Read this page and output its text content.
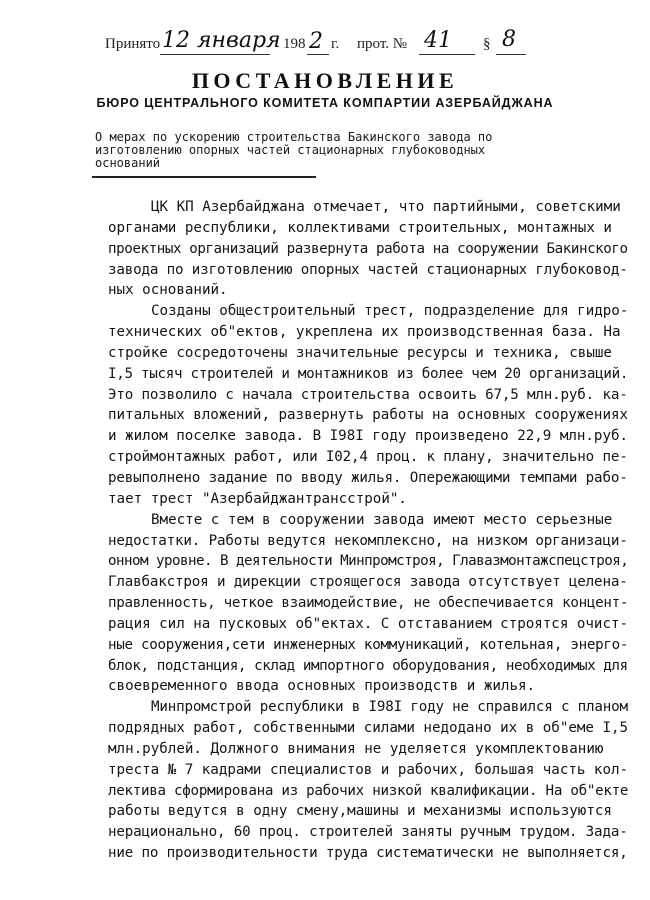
Принято 12 января 198 2 г. прот. № 41 § 8
ПОСТАНОВЛЕНИЕ
БЮРО ЦЕНТРАЛЬНОГО КОМИТЕТА КОМПАРТИИ АЗЕРБАЙДЖАНА
О мерах по ускорению строительства Бакинского завода по
изготовлению опорных частей стационарных глубоководных
оснований
ЦК КП Азербайджана отмечает, что партийными, советскими
органами республики, коллективами строительных, монтажных и
проектных организаций развернута работа на сооружении Бакинского
завода по изготовлению опорных частей стационарных глубоковод-
ных оснований.
Созданы общестроительный трест, подразделение для гидро-
технических об"ектов, укреплена их производственная база. На
стройке сосредоточены значительные ресурсы и техника, свыше
I,5 тысяч строителей и монтажников из более чем 20 организаций.
Это позволило с начала строительства освоить 67,5 млн.руб. ка-
питальных вложений, развернуть работы на основных сооружениях
и жилом поселке завода. В I98I году произведено 22,9 млн.руб.
строймонтажных работ, или I02,4 проц. к плану, значительно пе-
ревыполнено задание по вводу жилья. Опережающими темпами рабо-
тает трест "Азербайджантрансстрой".
Вместе с тем в сооружении завода имеют место серьезные
недостатки. Работы ведутся некомплексно, на низком организаци-
онном уровне. В деятельности Минпромстроя, Главазмонтажспецстроя,
Главбакстроя и дирекции строящегося завода отсутствует целена-
правленность, четкое взаимодействие, не обеспечивается концент-
рация сил на пусковых об"ектах. С отставанием строятся очист-
ные сооружения,сети инженерных коммуникаций, котельная, энерго-
блок, подстанция, склад импортного оборудования, необходимых для
своевременного ввода основных производств и жилья.
Минпромстрой республики в I98I году не справился с планом
подрядных работ, собственными силами недодано их в об"еме I,5
млн.рублей. Должного внимания не уделяется укомплектованию
треста № 7 кадрами специалистов и рабочих, большая часть кол-
лектива сформирована из рабочих низкой квалификации. На об"екте
работы ведутся в одну смену,машины и механизмы используются
нерационально, 60 проц. строителей заняты ручным трудом. Зада-
ние по производительности труда систематически не выполняется,
